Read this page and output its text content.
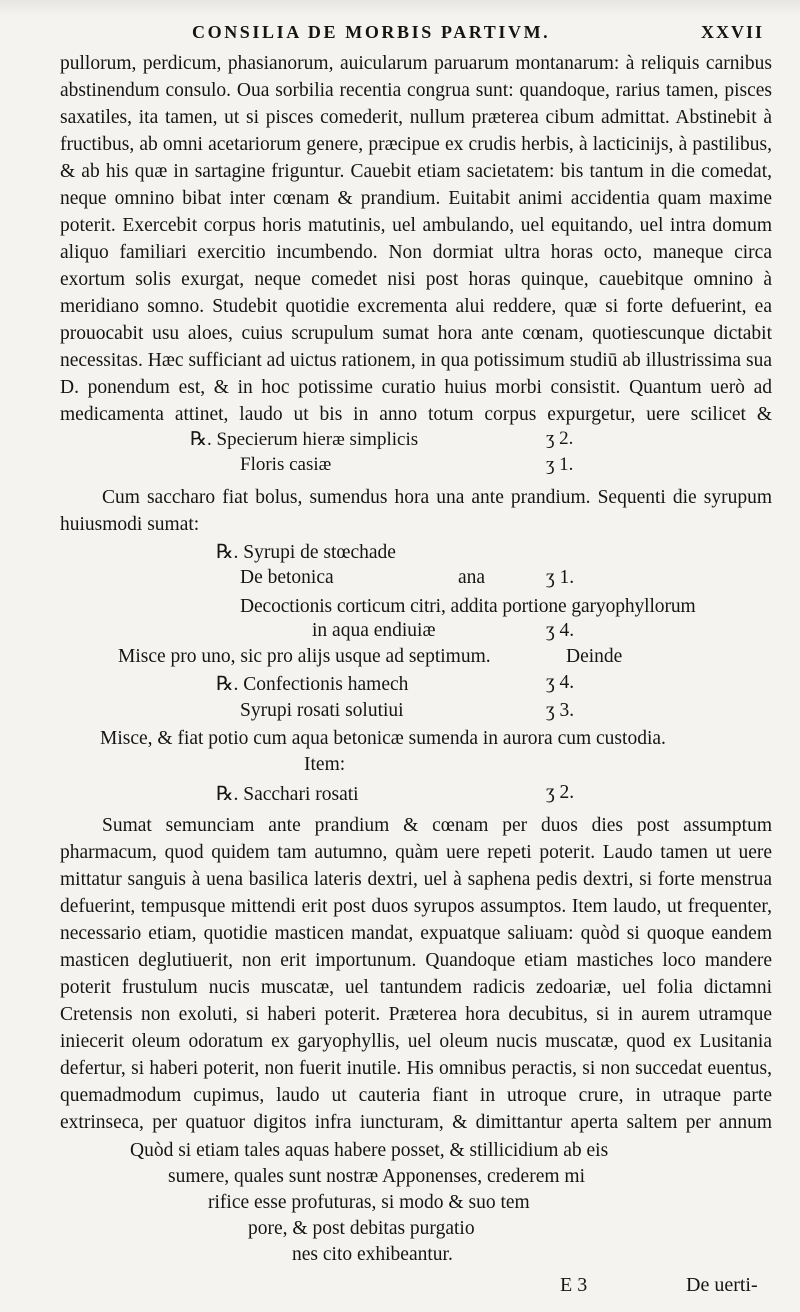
CONSILIA DE MORBIS PARTIVM.	XXVII

pullorum, perdicum, phasianorum, auicularum paruarum montanarum: à reliquis carnibus abstinendum consulo. Oua sorbilia recentia congrua sunt: quandoque, rarius tamen, pisces saxatiles, ita tamen, ut si pisces comederit, nullum præterea cibum admittat. Abstinebit à fructibus, ab omni acetariorum genere, præcipue ex crudis herbis, à lacticinijs, à pastilibus, & ab his quæ in sartagine friguntur. Cauebit etiam sacietatem: bis tantum in die comedat, neque omnino bibat inter cœnam & prandium. Euitabit animi accidentia quam maxime poterit. Exercebit corpus horis matutinis, uel ambulando, uel equitando, uel intra domum aliquo familiari exercitio incumbendo. Non dormiat ultra horas octo, maneque circa exortum solis exurgat, neque comedet nisi post horas quinque, cauebitque omnino à meridiano somno. Studebit quotidie excrementa alui reddere, quæ si forte defuerint, ea prouocabit usu aloes, cuius scrupulum sumat hora ante cœnam, quotiescunque dictabit necessitas. Hæc sufficiant ad uictus rationem, in qua potissimum studiū ab illustrissima sua D. ponendum est, & in hoc potissime curatio huius morbi consistit. Quantum uerò ad medicamenta attinet, laudo ut bis in anno totum corpus expurgetur, uere scilicet &

℞. Specierum hieræ simplicis	ʒ 2.
Floris casiæ	ʒ 1.

Cum saccharo fiat bolus, sumendus hora una ante prandium. Sequenti die syrupum huiusmodi sumat:

℞. Syrupi de stœchade
De betonica	ana	ʒ 1.
Decoctionis corticum citri, addita portione garyophyllorum
in aqua endiuiæ	ʒ 4.
Misce pro uno, sic pro alijs usque ad septimum.	Deinde
℞. Confectionis hamech	ʒ 4.
Syrupi rosati solutiui	ʒ 3.
Misce, & fiat potio cum aqua betonicæ sumenda in aurora cum custodia.
Item:
℞. Sacchari rosati	ʒ 2.

Sumat semunciam ante prandium & cœnam per duos dies post assumptum pharmacum, quod quidem tam autumno, quàm uere repeti poterit. Laudo tamen ut uere mittatur sanguis à uena basilica lateris dextri, uel à saphena pedis dextri, si forte menstrua defuerint, tempusque mittendi erit post duos syrupos assumptos. Item laudo, ut frequenter, necessario etiam, quotidie masticen mandat, expuatque saliuam: quòd si quoque eandem masticen deglutiuerit, non erit importunum. Quandoque etiam mastiches loco mandere poterit frustulum nucis muscatæ, uel tantundem radicis zedoariæ, uel folia dictamni Cretensis non exoluti, si haberi poterit. Præterea hora decubitus, si in aurem utramque iniecerit oleum odoratum ex garyophyllis, uel oleum nucis muscatæ, quod ex Lusitania defertur, si haberi poterit, non fuerit inutile. His omnibus peractis, si non succedat euentus, quemadmodum cupimus, laudo ut cauteria fiant in utroque crure, in utraque parte extrinseca, per quatuor digitos infra iuncturam, & dimittantur aperta saltem per annum

Quòd si etiam tales aquas habere posset, & stillicidium ab eis
sumere, quales sunt nostræ Apponenses, crederem mi
rifice esse profuturas, si modo & suo tem
pore, & post debitas purgatio
nes cito exhibeantur.
E 3	De uerti-
